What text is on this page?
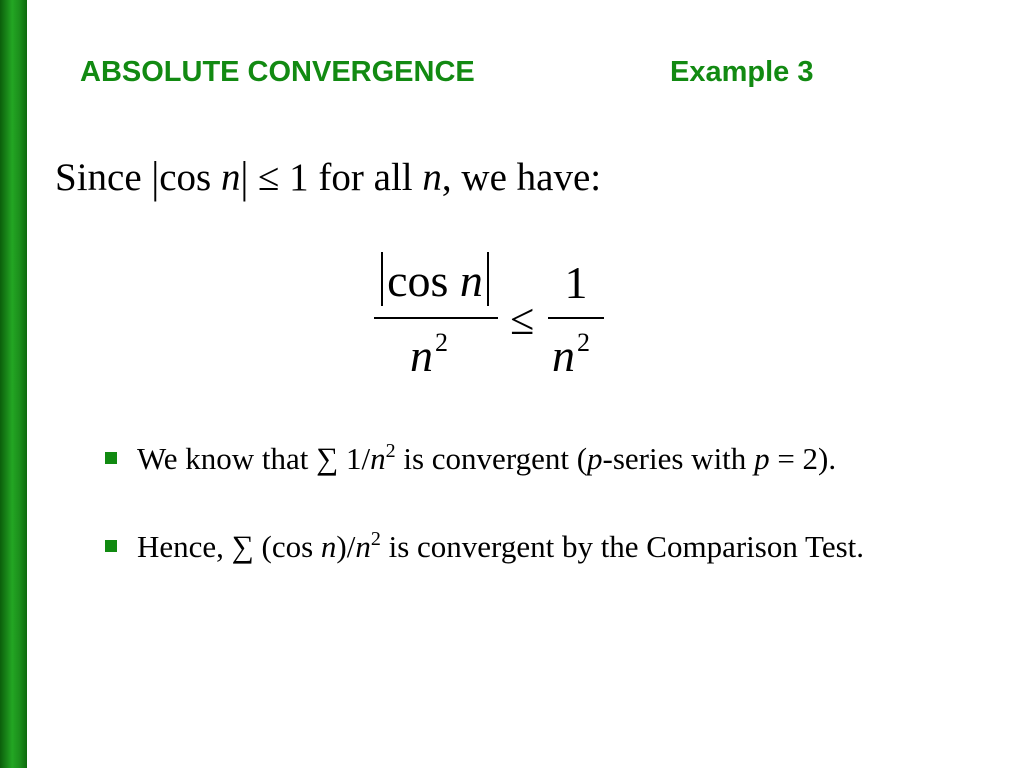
ABSOLUTE CONVERGENCE	Example 3
Since |cos n| ≤ 1 for all n, we have:
cos n
$n^2$ ≤
1
$n^2$
We know that ∑ $1/n^2$ is convergent (p-series with p = 2).
Hence, ∑ (cos $n)/n^2$ is convergent by the Comparison Test.
